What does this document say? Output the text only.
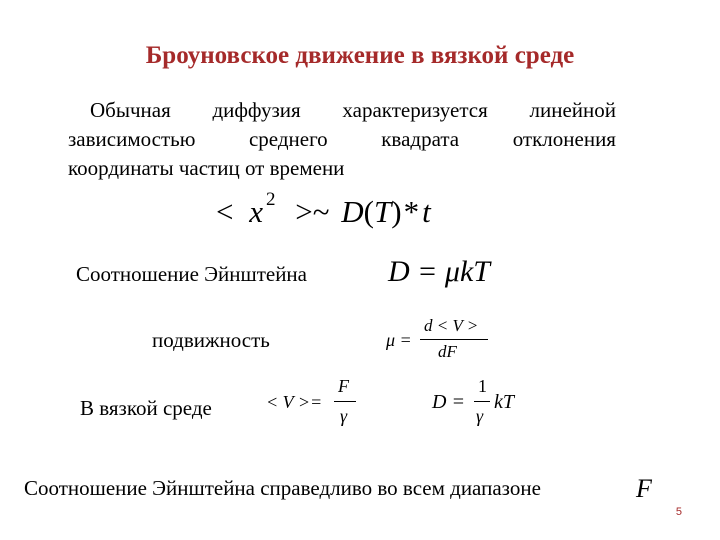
Броуновское движение в вязкой среде
Обычная диффузия характеризуется линейной
зависимостью	среднего	квадрата	отклонения
координаты частиц от времени
< x $^2$ >~ D(T)*t
Соотношение Эйнштейна	D = μkT
подвижность	μ =
d < V >
dF
В вязкой среде	< V >=
F
γ
D =
1
γ
kT
Соотношение Эйнштейна справедливо во всем диапазоне	F
5
